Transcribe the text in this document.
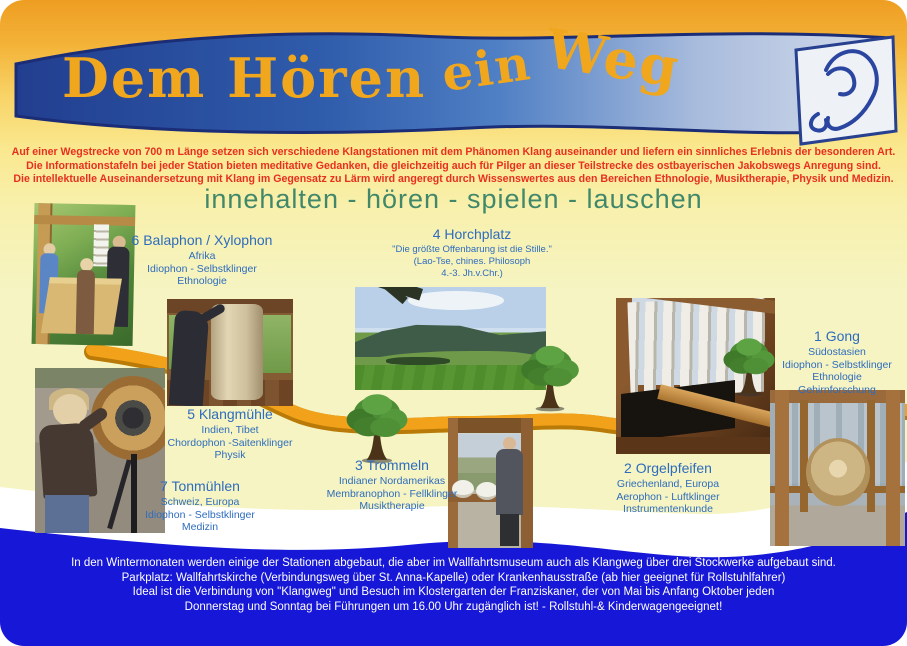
Dem Hören ein Weg
Auf einer Wegstrecke von 700 m Länge setzen sich verschiedene Klangstationen mit dem Phänomen Klang auseinander und liefern ein sinnliches Erlebnis der besonderen Art.
Die Informationstafeln bei jeder Station bieten meditative Gedanken, die gleichzeitig auch für Pilger an dieser Teilstrecke des ostbayerischen Jakobswegs Anregung sind.
Die intellektuelle Auseinandersetzung mit Klang im Gegensatz zu Lärm wird angeregt durch Wissenswertes aus den Bereichen Ethnologie, Musiktherapie, Physik und Medizin.
innehalten - hören - spielen - lauschen
6 Balaphon / Xylophon
Afrika
Idiophon - Selbstklinger
Ethnologie
4 Horchplatz
"Die größte Offenbarung ist die Stille."
(Lao-Tse, chines. Philosoph
4.-3. Jh.v.Chr.)
1 Gong
Südostasien
Idiophon - Selbstklinger
Ethnologie
Gehirnforschung
5 Klangmühle
Indien, Tibet
Chordophon -Saitenklinger
Physik
3 Trommeln
Indianer Nordamerikas
Membranophon - Fellklinger
Musiktherapie
7 Tonmühlen
Schweiz, Europa
Idiophon - Selbstklinger
Medizin
2 Orgelpfeifen
Griechenland, Europa
Aerophon - Luftklinger
Instrumentenkunde
In den Wintermonaten werden einige der Stationen abgebaut, die aber im Wallfahrtsmuseum auch als Klangweg über drei Stockwerke aufgebaut sind.
Parkplatz: Wallfahrtskirche (Verbindungsweg über St. Anna-Kapelle) oder Krankenhausstraße (ab hier geeignet für Rollstuhlfahrer)
Ideal ist die Verbindung von "Klangweg" und Besuch im Klostergarten der Franziskaner, der von Mai bis Anfang Oktober jeden
Donnerstag und Sonntag bei Führungen um 16.00 Uhr zugänglich ist! - Rollstuhl-& Kinderwagengeeignet!
